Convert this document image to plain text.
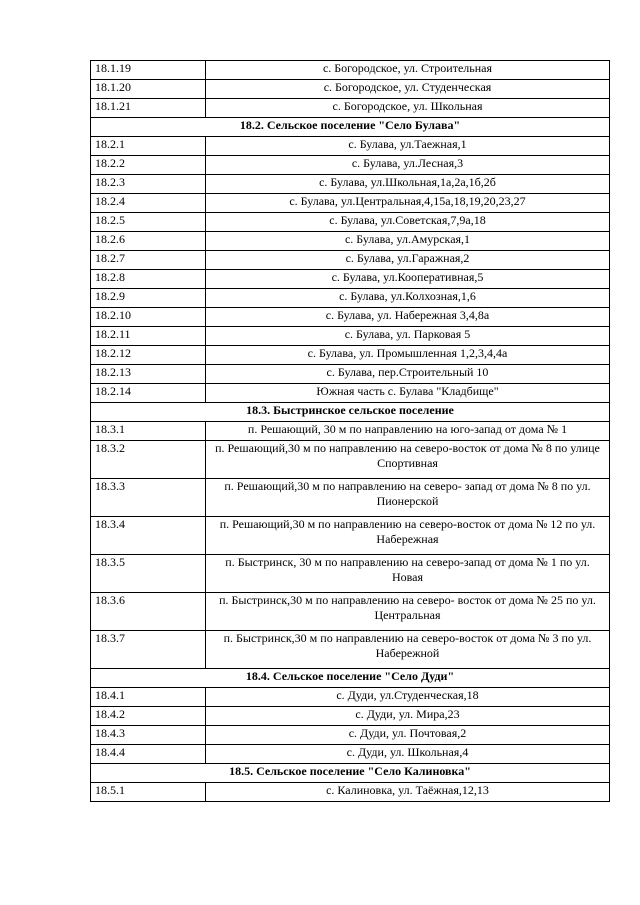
18.1.19	с. Богородское, ул. Строительная
18.1.20	с. Богородское, ул. Студенческая
18.1.21	с. Богородское, ул. Школьная
18.2. Сельское поселение "Село Булава"	
18.2.1	с. Булава, ул.Таежная,1
18.2.2	с. Булава, ул.Лесная,3
18.2.3	с. Булава, ул.Школьная,1а,2а,1б,2б
18.2.4	с. Булава, ул.Центральная,4,15а,18,19,20,23,27
18.2.5	с. Булава, ул.Советская,7,9а,18
18.2.6	с. Булава, ул.Амурская,1
18.2.7	с. Булава, ул.Гаражная,2
18.2.8	с. Булава, ул.Кооперативная,5
18.2.9	с. Булава, ул.Колхозная,1,6
18.2.10	с. Булава, ул. Набережная 3,4,8а
18.2.11	с. Булава, ул. Парковая 5
18.2.12	с. Булава, ул. Промышленная 1,2,3,4,4а
18.2.13	с. Булава, пер.Строительный 10
18.2.14	Южная часть с. Булава "Кладбище"
18.3. Быстринское сельское поселение	
18.3.1	п. Решающий, 30 м по направлению на юго-запад от дома № 1
18.3.2	п. Решающий,30 м по направлению на северо-восток от дома № 8 по улице Спортивная
18.3.3	п. Решающий,30 м по направлению на северо- запад от дома № 8 по ул. Пионерской
18.3.4	п. Решающий,30 м по направлению на северо-восток от дома № 12 по ул. Набережная
18.3.5	п. Быстринск, 30 м по направлению на северо-запад от дома № 1 по ул. Новая
18.3.6	п. Быстринск,30 м по направлению на северо- восток от дома № 25 по ул. Центральная
18.3.7	п. Быстринск,30 м по направлению на северо-восток от дома № 3 по ул. Набережной
18.4. Сельское поселение "Село Дуди"	
18.4.1	с. Дуди, ул.Студенческая,18
18.4.2	с. Дуди, ул. Мира,23
18.4.3	с. Дуди, ул. Почтовая,2
18.4.4	с. Дуди, ул. Школьная,4
18.5. Сельское поселение "Село Калиновка"	
18.5.1	с. Калиновка, ул. Таёжная,12,13
